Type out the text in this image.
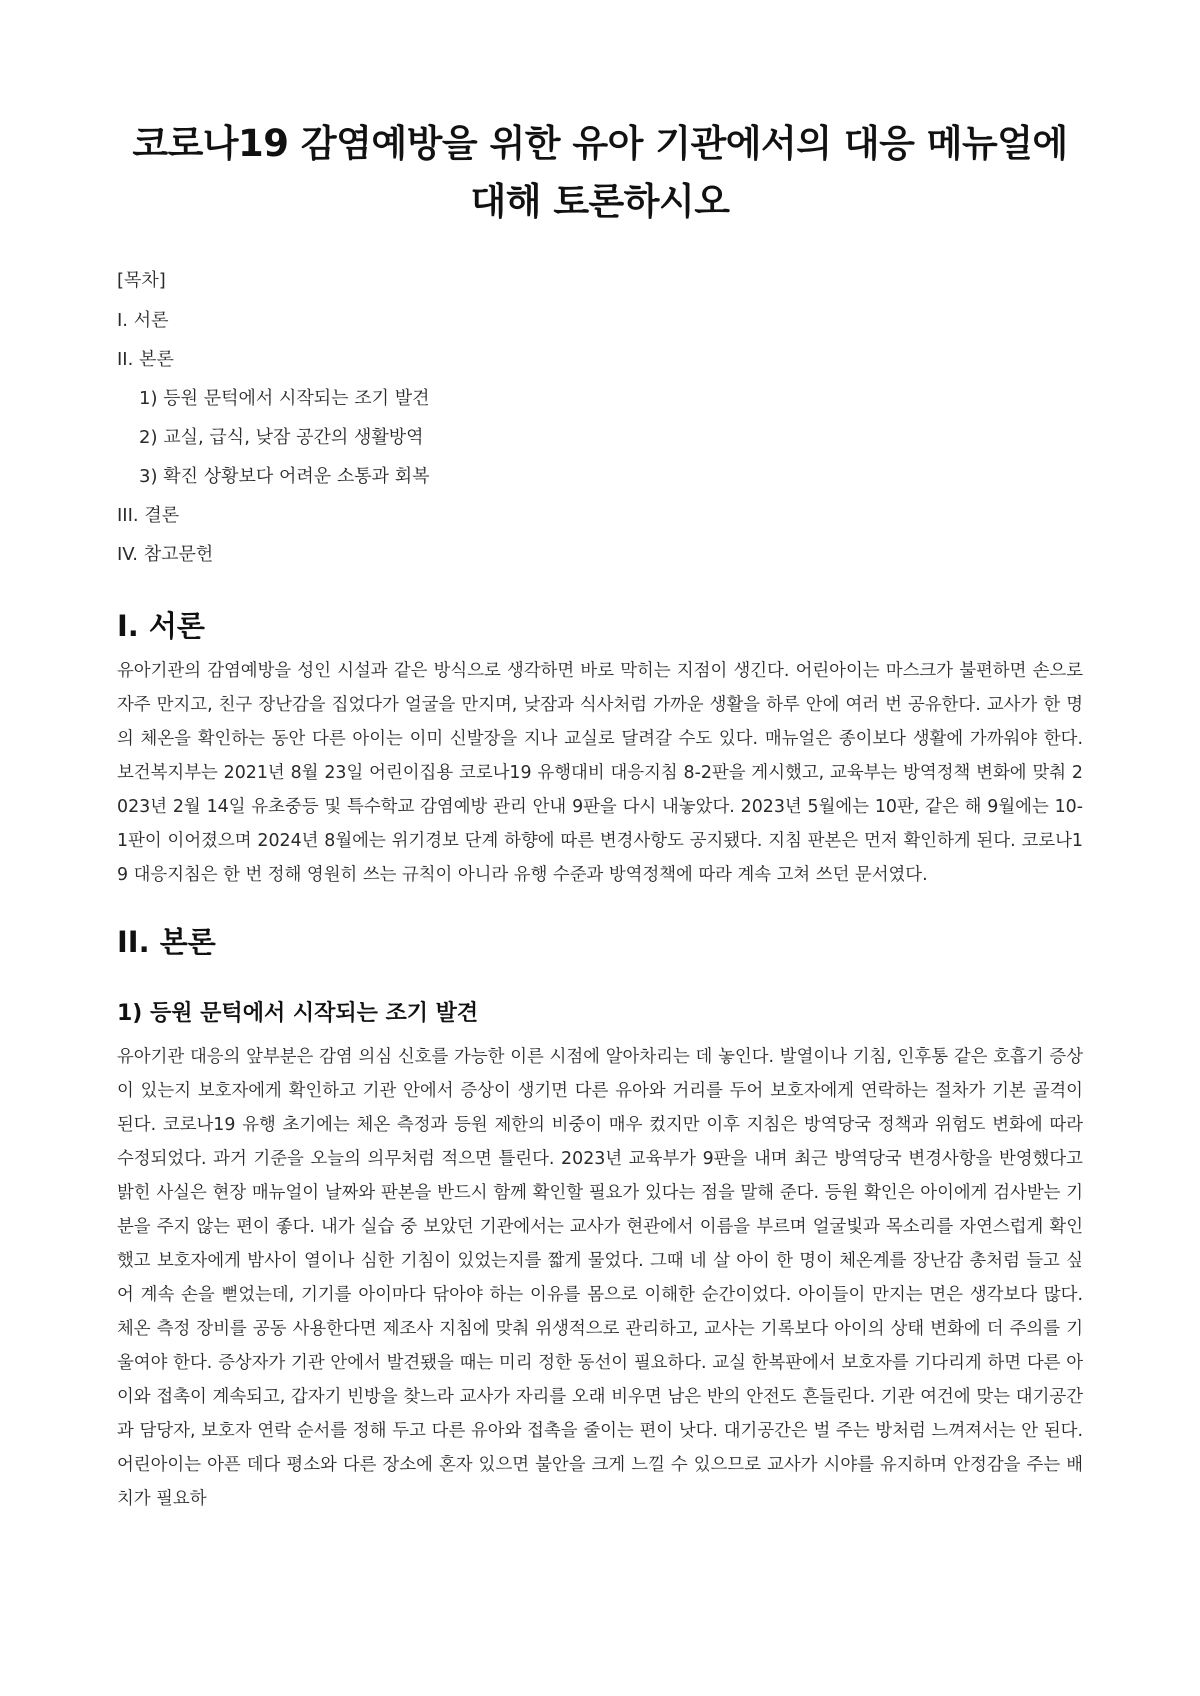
코로나19 감염예방을 위한 유아 기관에서의 대응 메뉴얼에 대해 토론하시오
[목차]
I. 서론
II. 본론
1) 등원 문턱에서 시작되는 조기 발견
2) 교실, 급식, 낮잠 공간의 생활방역
3) 확진 상황보다 어려운 소통과 회복
III. 결론
IV. 참고문헌
I. 서론

유아기관의 감염예방을 성인 시설과 같은 방식으로 생각하면 바로 막히는 지점이 생긴다. 어린아이는 마스크가 불편하면 손으로 자주 만지고, 친구 장난감을 집었다가 얼굴을 만지며, 낮잠과 식사처럼 가까운 생활을 하루 안에 여러 번 공유한다. 교사가 한 명의 체온을 확인하는 동안 다른 아이는 이미 신발장을 지나 교실로 달려갈 수도 있다. 매뉴얼은 종이보다 생활에 가까워야 한다. 보건복지부는 2021년 8월 23일 어린이집용 코로나19 유행대비 대응지침 8-2판을 게시했고, 교육부는 방역정책 변화에 맞춰 2023년 2월 14일 유초중등 및 특수학교 감염예방 관리 안내 9판을 다시 내놓았다. 2023년 5월에는 10판, 같은 해 9월에는 10-1판이 이어졌으며 2024년 8월에는 위기경보 단계 하향에 따른 변경사항도 공지됐다. 지침 판본은 먼저 확인하게 된다. 코로나19 대응지침은 한 번 정해 영원히 쓰는 규칙이 아니라 유행 수준과 방역정책에 따라 계속 고쳐 쓰던 문서였다.

II. 본론
1) 등원 문턱에서 시작되는 조기 발견

유아기관 대응의 앞부분은 감염 의심 신호를 가능한 이른 시점에 알아차리는 데 놓인다. 발열이나 기침, 인후통 같은 호흡기 증상이 있는지 보호자에게 확인하고 기관 안에서 증상이 생기면 다른 유아와 거리를 두어 보호자에게 연락하는 절차가 기본 골격이 된다. 코로나19 유행 초기에는 체온 측정과 등원 제한의 비중이 매우 컸지만 이후 지침은 방역당국 정책과 위험도 변화에 따라 수정되었다. 과거 기준을 오늘의 의무처럼 적으면 틀린다. 2023년 교육부가 9판을 내며 최근 방역당국 변경사항을 반영했다고 밝힌 사실은 현장 매뉴얼이 날짜와 판본을 반드시 함께 확인할 필요가 있다는 점을 말해 준다. 등원 확인은 아이에게 검사받는 기분을 주지 않는 편이 좋다. 내가 실습 중 보았던 기관에서는 교사가 현관에서 이름을 부르며 얼굴빛과 목소리를 자연스럽게 확인했고 보호자에게 밤사이 열이나 심한 기침이 있었는지를 짧게 물었다. 그때 네 살 아이 한 명이 체온계를 장난감 총처럼 들고 싶어 계속 손을 뻗었는데, 기기를 아이마다 닦아야 하는 이유를 몸으로 이해한 순간이었다. 아이들이 만지는 면은 생각보다 많다. 체온 측정 장비를 공동 사용한다면 제조사 지침에 맞춰 위생적으로 관리하고, 교사는 기록보다 아이의 상태 변화에 더 주의를 기울여야 한다. 증상자가 기관 안에서 발견됐을 때는 미리 정한 동선이 필요하다. 교실 한복판에서 보호자를 기다리게 하면 다른 아이와 접촉이 계속되고, 갑자기 빈방을 찾느라 교사가 자리를 오래 비우면 남은 반의 안전도 흔들린다. 기관 여건에 맞는 대기공간과 담당자, 보호자 연락 순서를 정해 두고 다른 유아와 접촉을 줄이는 편이 낫다. 대기공간은 벌 주는 방처럼 느껴져서는 안 된다. 어린아이는 아픈 데다 평소와 다른 장소에 혼자 있으면 불안을 크게 느낄 수 있으므로 교사가 시야를 유지하며 안정감을 주는 배치가 필요하
